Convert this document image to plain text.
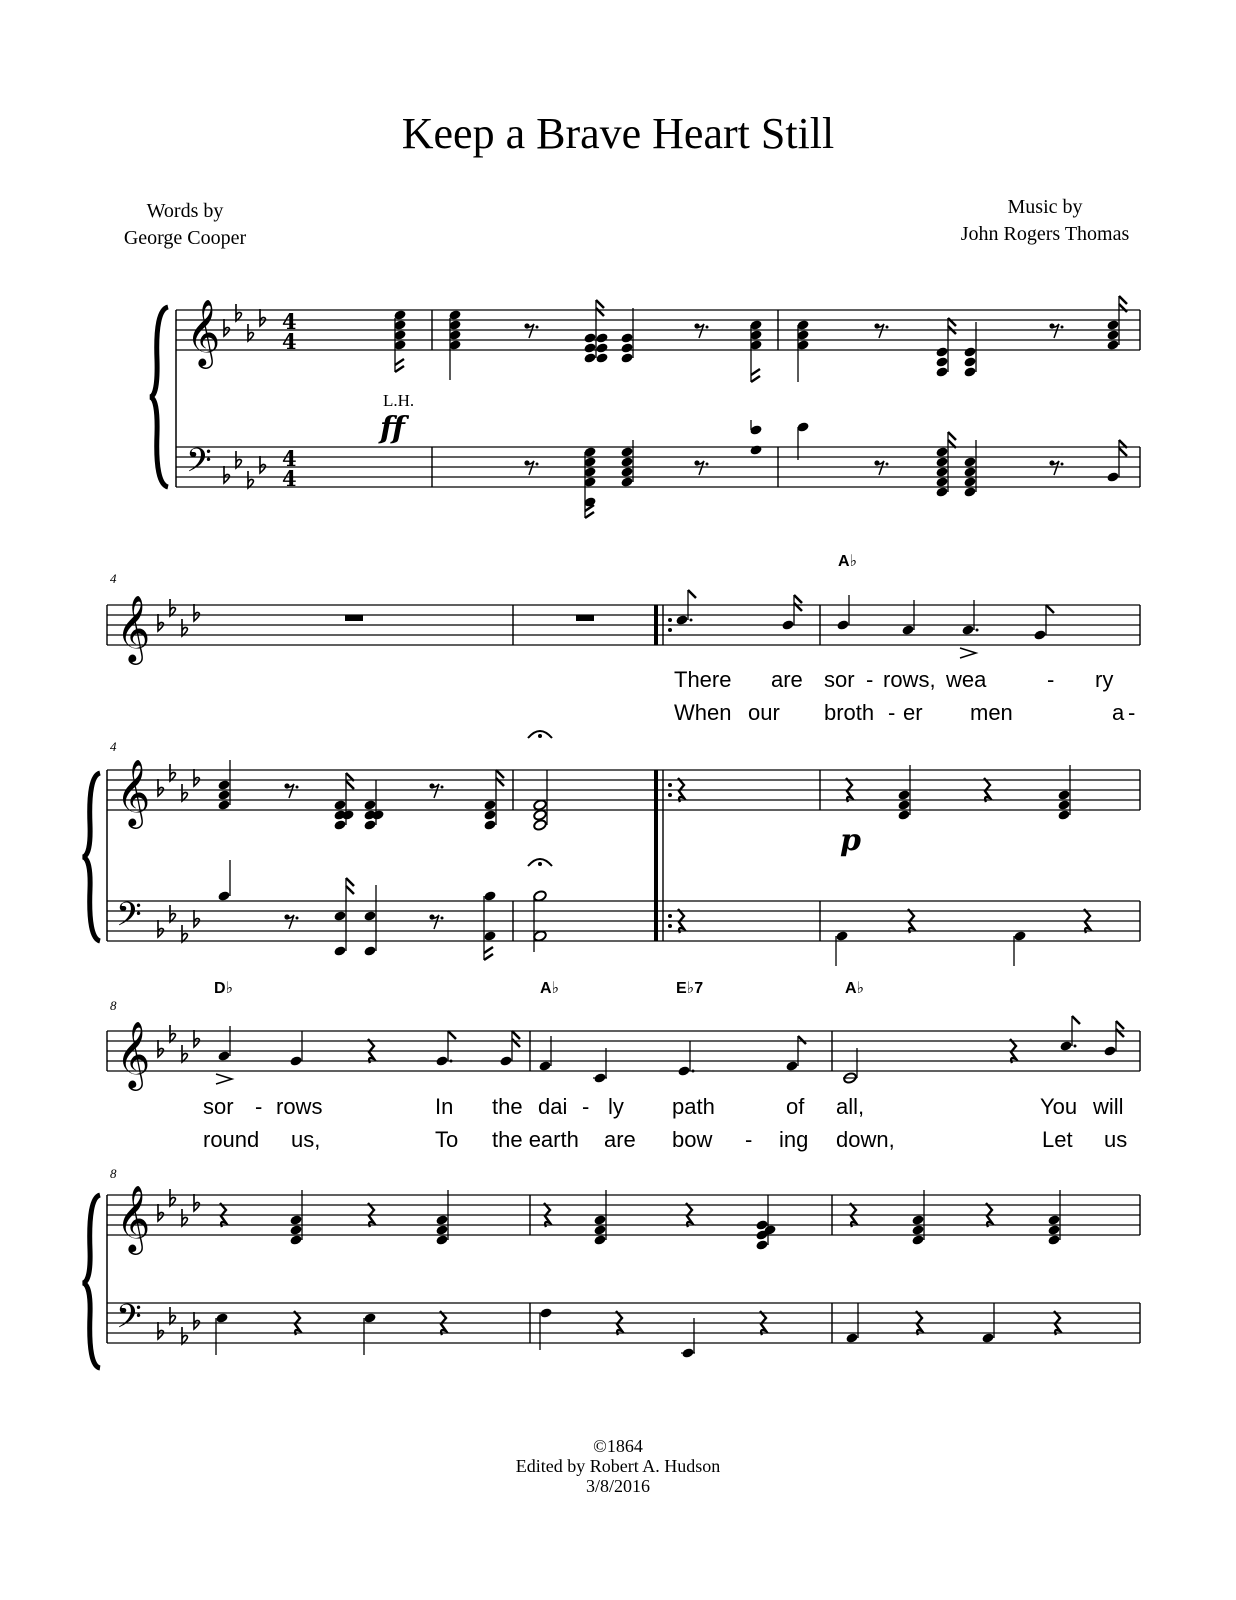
Keep a Brave Heart Still
Words by
George Cooper
Music by
John Rogers Thomas
𝄞
𝄢
4
4
4
4
L.H.
ff
4
A♭
𝄞
There are sor - rows, wea	- ry
When our broth - er men	a -
4
𝄞
𝄢
p
8
D♭	A♭	E♭7	A♭
𝄞
sor - rows	In the dai - ly path	of all,	You will
round us,	To the earth are bow - ing down,	Let us
8
𝄞
𝄢
©1864
Edited by Robert A. Hudson
3/8/2016
